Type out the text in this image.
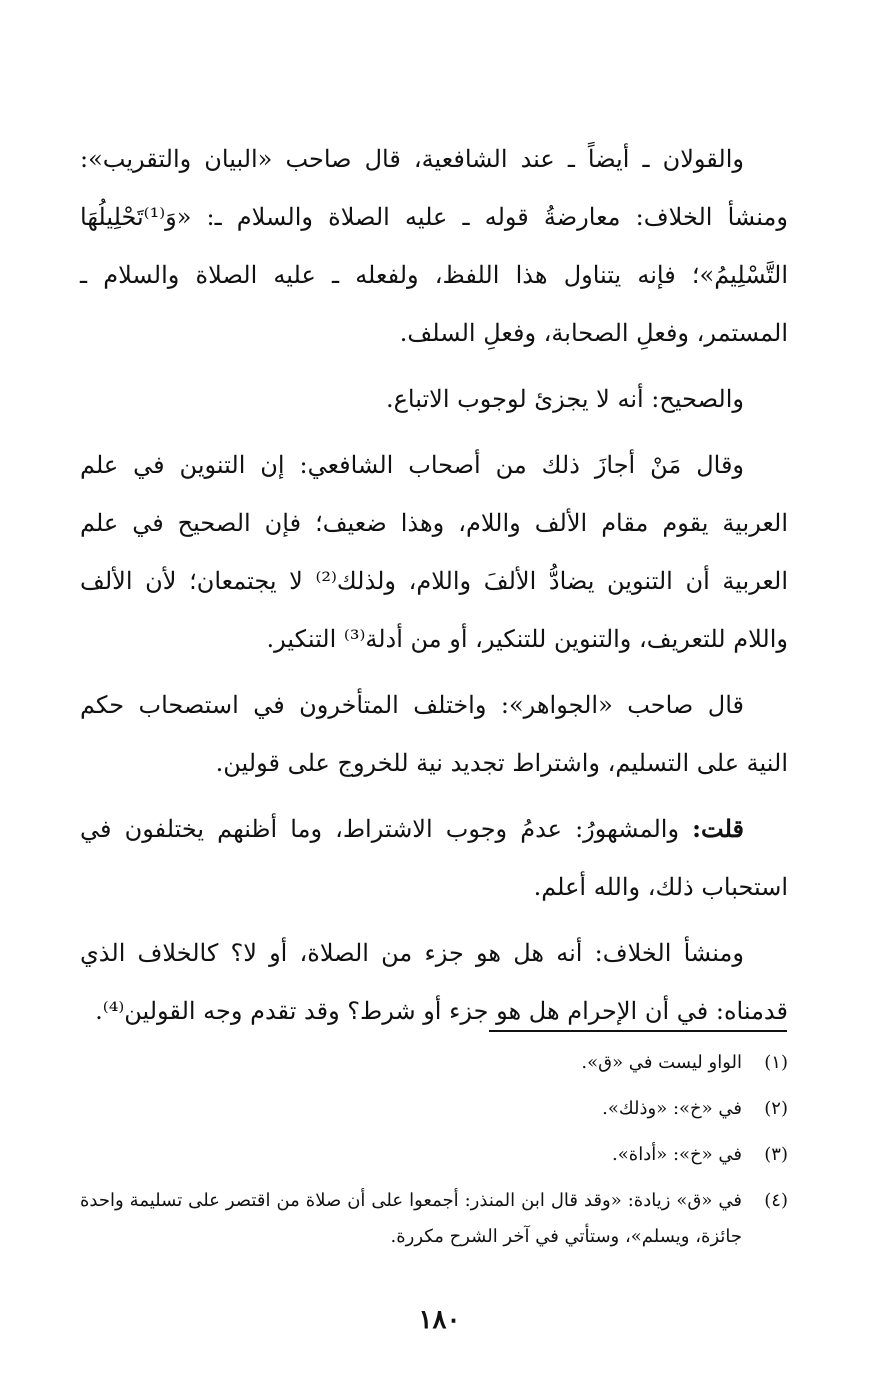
والقولان ـ أيضاً ـ عند الشافعية، قال صاحب «البيان والتقريب»: ومنشأ الخلاف: معارضةُ قوله ـ عليه الصلاة والسلام ـ: «وَ⁽¹⁾تَحْلِيلُهَا التَّسْلِيمُ»؛ فإنه يتناول هذا اللفظ، ولفعله ـ عليه الصلاة والسلام ـ المستمر، وفعلِ الصحابة، وفعلِ السلف.

والصحيح: أنه لا يجزئ لوجوب الاتباع.

وقال مَنْ أجازَ ذلك من أصحاب الشافعي: إن التنوين في علم العربية يقوم مقام الألف واللام، وهذا ضعيف؛ فإن الصحيح في علم العربية أن التنوين يضادُّ الألفَ واللام، ولذلك⁽²⁾ لا يجتمعان؛ لأن الألف واللام للتعريف، والتنوين للتنكير، أو من أدلة⁽³⁾ التنكير.

قال صاحب «الجواهر»: واختلف المتأخرون في استصحاب حكم النية على التسليم، واشتراط تجديد نية للخروج على قولين.

قلت: والمشهورُ: عدمُ وجوب الاشتراط، وما أظنهم يختلفون في استحباب ذلك، والله أعلم.

ومنشأ الخلاف: أنه هل هو جزء من الصلاة، أو لا؟ كالخلاف الذي قدمناه: في أن الإحرام هل هو جزء أو شرط؟ وقد تقدم وجه القولين⁽⁴⁾.

(١)
الواو ليست في «ق».
(٢)
في «خ»: «وذلك».
(٣)
في «خ»: «أداة».
(٤)
في «ق» زيادة: «وقد قال ابن المنذر: أجمعوا على أن صلاة من اقتصر على تسليمة واحدة جائزة، ويسلم»، وستأتي في آخر الشرح مكررة.
١٨٠
